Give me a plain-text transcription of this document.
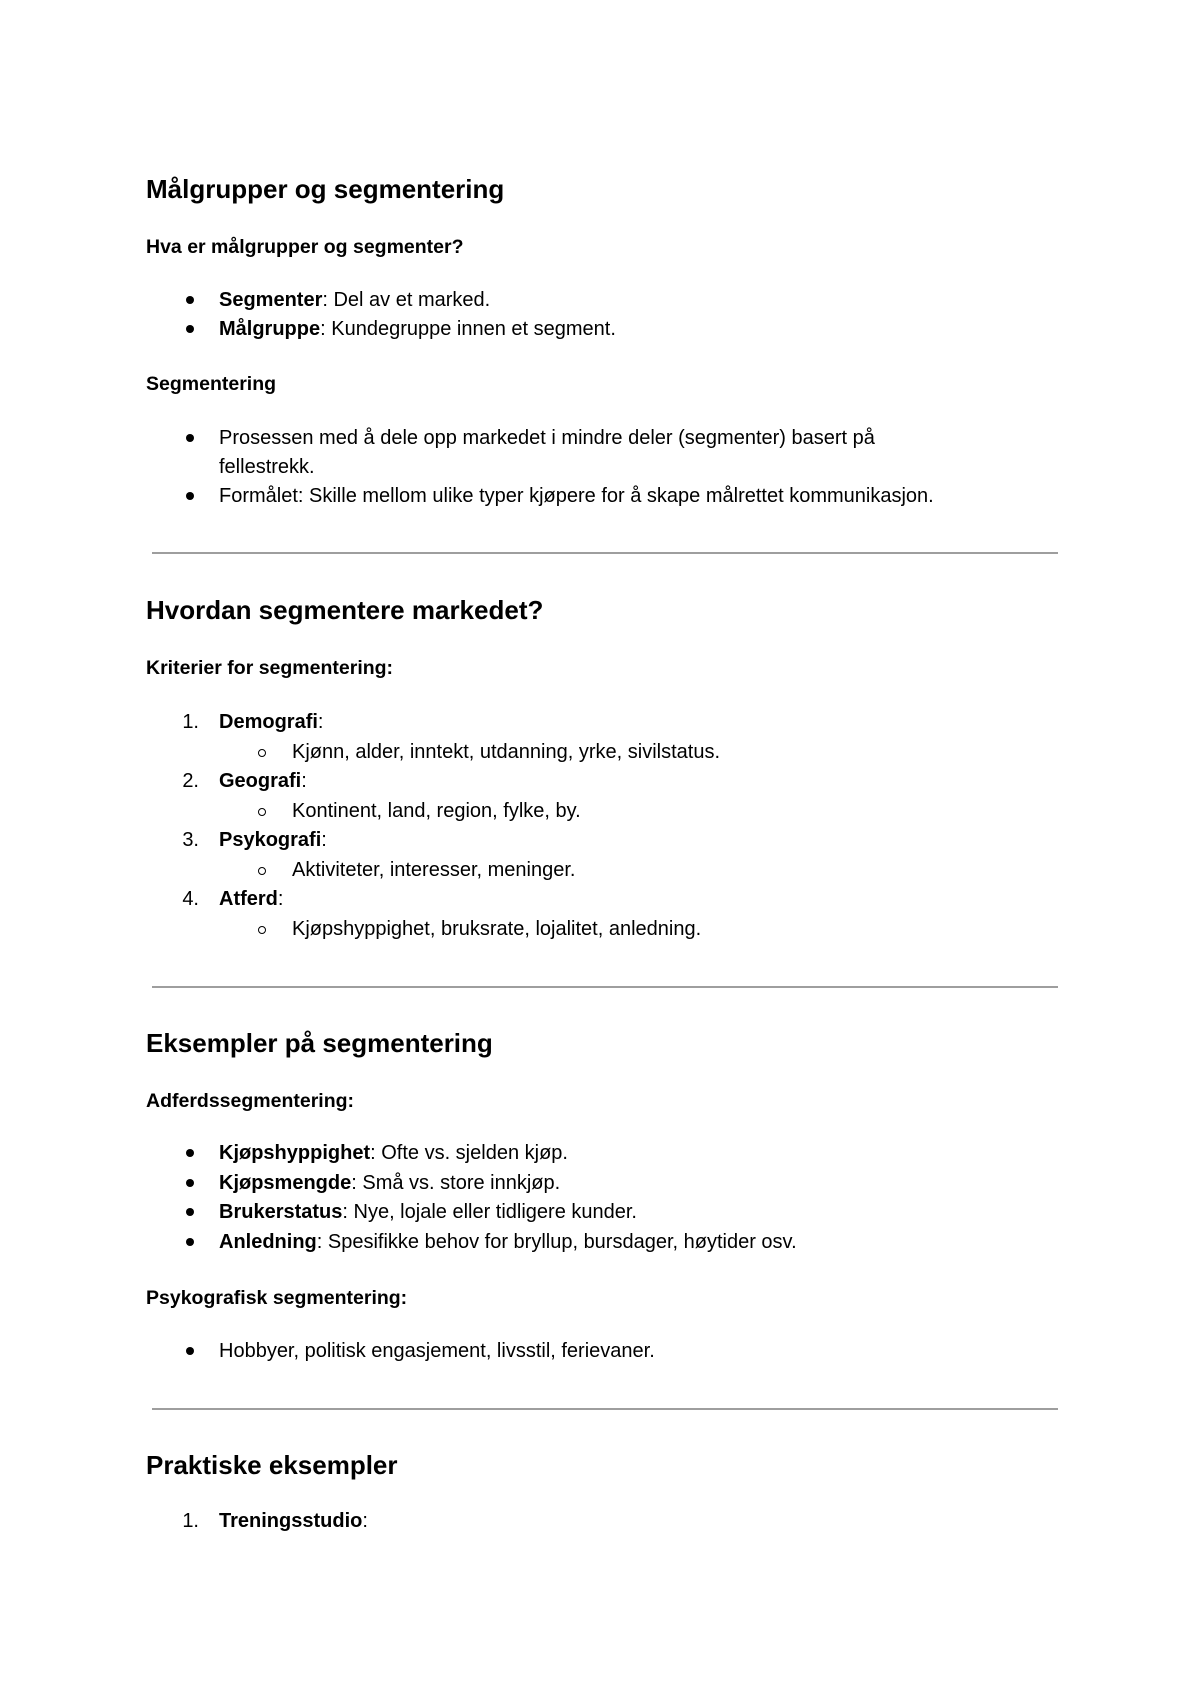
Målgrupper og segmentering
Hva er målgrupper og segmenter?
Segmenter: Del av et marked.
Målgruppe: Kundegruppe innen et segment.
Segmentering
Prosessen med å dele opp markedet i mindre deler (segmenter) basert på
fellestrekk.
Formålet: Skille mellom ulike typer kjøpere for å skape målrettet kommunikasjon.
Hvordan segmentere markedet?
Kriterier for segmentering:
1. Demografi:
Kjønn, alder, inntekt, utdanning, yrke, sivilstatus.
2. Geografi:
Kontinent, land, region, fylke, by.
3. Psykografi:
Aktiviteter, interesser, meninger.
4. Atferd:
Kjøpshyppighet, bruksrate, lojalitet, anledning.
Eksempler på segmentering
Adferdssegmentering:
Kjøpshyppighet: Ofte vs. sjelden kjøp.
Kjøpsmengde: Små vs. store innkjøp.
Brukerstatus: Nye, lojale eller tidligere kunder.
Anledning: Spesifikke behov for bryllup, bursdager, høytider osv.
Psykografisk segmentering:
Hobbyer, politisk engasjement, livsstil, ferievaner.
Praktiske eksempler
1. Treningsstudio:
